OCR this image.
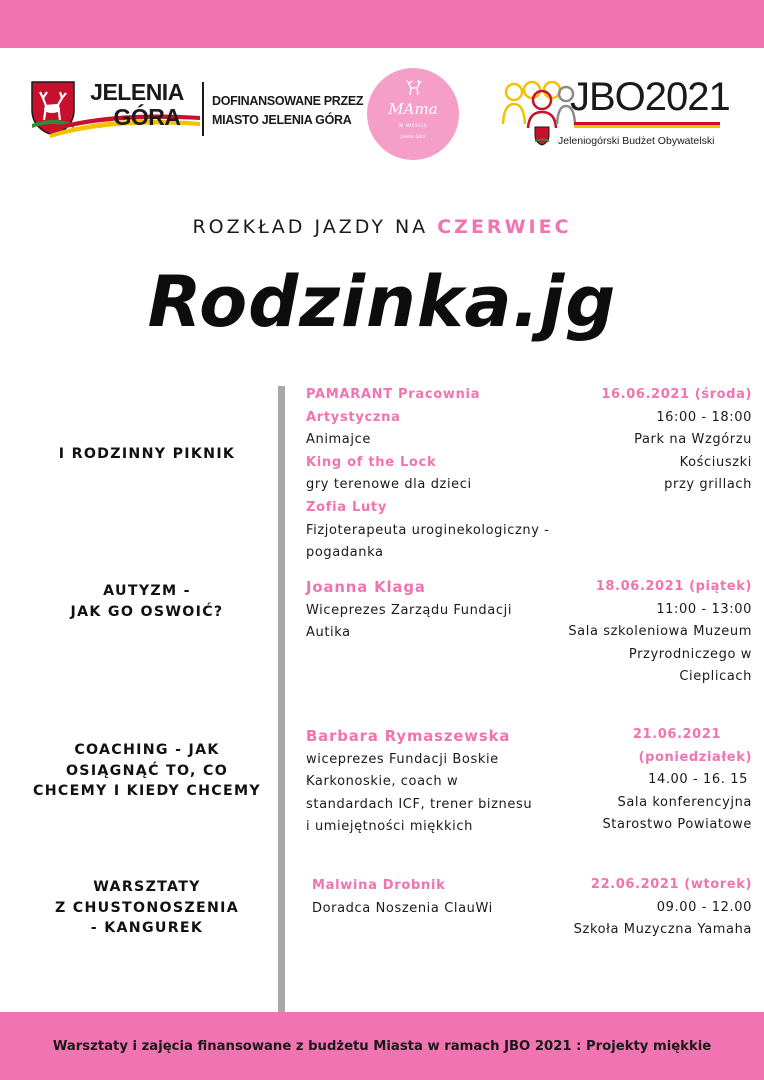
JELENIA
GÓRA
DOFINANSOWANE PRZEZ
MIASTO JELENIA GÓRA
MAma
W MIEŚCIE
Jelenia Góra
JBO2021
Jeleniogórski Budżet Obywatelski
ROZKŁAD JAZDY NA CZERWIEC
Rodzinka.jg
I RODZINNY PIKNIK
PAMARANT Pracownia Artystyczna
Animajce
King of the Lock
gry terenowe dla dzieci
Zofia Luty
Fizjoterapeuta uroginekologiczny -
pogadanka
16.06.2021 (środa)
16:00 - 18:00
Park na Wzgórzu
Kościuszki
przy grillach
AUTYZM -
JAK GO OSWOIĆ?
Joanna Klaga
Wiceprezes Zarządu Fundacji
Autika
18.06.2021 (piątek)
11:00 - 13:00
Sala szkoleniowa Muzeum
Przyrodniczego w
Cieplicach
COACHING - JAK
OSIĄGNĄĆ TO, CO
CHCEMY I KIEDY CHCEMY
Barbara Rymaszewska
wiceprezes Fundacji Boskie
Karkonoskie, coach w
standardach ICF, trener biznesu
i umiejętności miękkich
21.06.2021
(poniedziałek)
14.00 - 16. 15
Sala konferencyjna
Starostwo Powiatowe
WARSZTATY
Z CHUSTONOSZENIA
- KANGUREK
Malwina Drobnik
Doradca Noszenia ClauWi
22.06.2021 (wtorek)
09.00 - 12.00
Szkoła Muzyczna Yamaha
Warsztaty i zajęcia finansowane z budżetu Miasta w ramach JBO 2021 : Projekty miękkie
